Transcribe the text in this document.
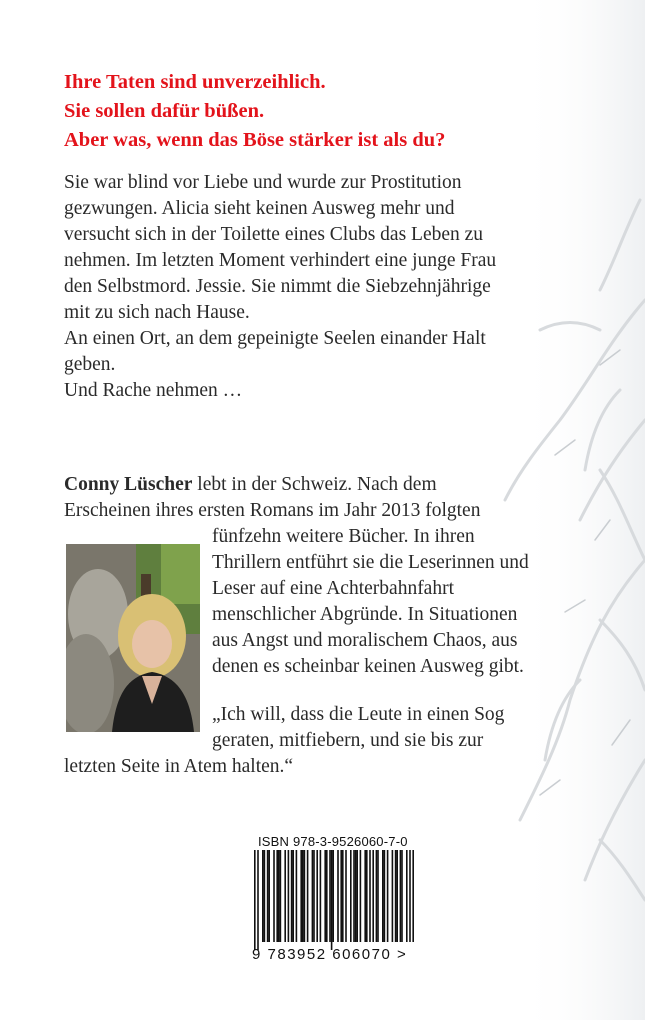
Ihre Taten sind unverzeihlich.
Sie sollen dafür büßen.
Aber was, wenn das Böse stärker ist als du?
Sie war blind vor Liebe und wurde zur Prostitution
gezwungen. Alicia sieht keinen Ausweg mehr und
versucht sich in der Toilette eines Clubs das Leben zu
nehmen. Im letzten Moment verhindert eine junge Frau
den Selbstmord. Jessie. Sie nimmt die Siebzehnjährige
mit zu sich nach Hause.
An einen Ort, an dem gepeinigte Seelen einander Halt
geben.
Und Rache nehmen …
Conny Lüscher lebt in der Schweiz. Nach dem
Erscheinen ihres ersten Romans im Jahr 2013 folgten
fünfzehn weitere Bücher. In ihren
Thrillern entführt sie die Leserinnen und
Leser auf eine Achterbahnfahrt
menschlicher Abgründe. In Situationen
aus Angst und moralischem Chaos, aus
denen es scheinbar keinen Ausweg gibt.
„Ich will, dass die Leute in einen Sog
geraten, mitfiebern, und sie bis zur
letzten Seite in Atem halten.“
ISBN 978-3-9526060-7-0
9 783952 606070 >
